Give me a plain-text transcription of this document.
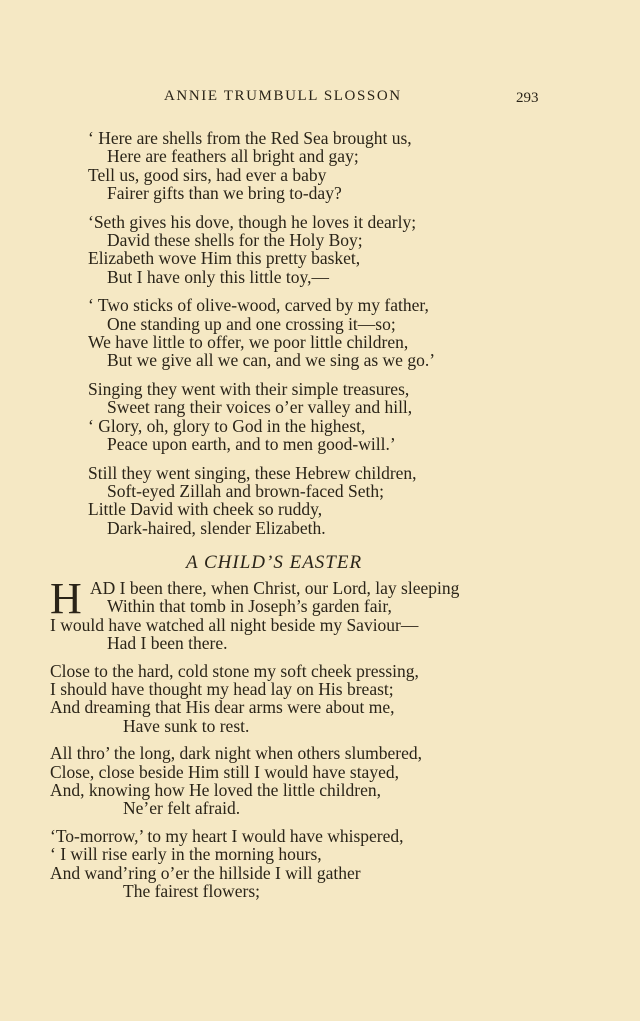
ANNIE TRUMBULL SLOSSON	293
‘ Here are shells from the Red Sea brought us,
Here are feathers all bright and gay;
Tell us, good sirs, had ever a baby
Fairer gifts than we bring to-day?
‘Seth gives his dove, though he loves it dearly;
David these shells for the Holy Boy;
Elizabeth wove Him this pretty basket,
But I have only this little toy,—
‘ Two sticks of olive-wood, carved by my father,
One standing up and one crossing it—so;
We have little to offer, we poor little children,
But we give all we can, and we sing as we go.’
Singing they went with their simple treasures,
Sweet rang their voices o’er valley and hill,
‘ Glory, oh, glory to God in the highest,
Peace upon earth, and to men good-will.’
Still they went singing, these Hebrew children,
Soft-eyed Zillah and brown-faced Seth;
Little David with cheek so ruddy,
Dark-haired, slender Elizabeth.
A CHILD’S EASTER
H AD I been there, when Christ, our Lord, lay sleeping
Within that tomb in Joseph’s garden fair,
I would have watched all night beside my Saviour—
Had I been there.
Close to the hard, cold stone my soft cheek pressing,
I should have thought my head lay on His breast;
And dreaming that His dear arms were about me,
Have sunk to rest.
All thro’ the long, dark night when others slumbered,
Close, close beside Him still I would have stayed,
And, knowing how He loved the little children,
Ne’er felt afraid.
‘To-morrow,’ to my heart I would have whispered,
‘ I will rise early in the morning hours,
And wand’ring o’er the hillside I will gather
The fairest flowers;
